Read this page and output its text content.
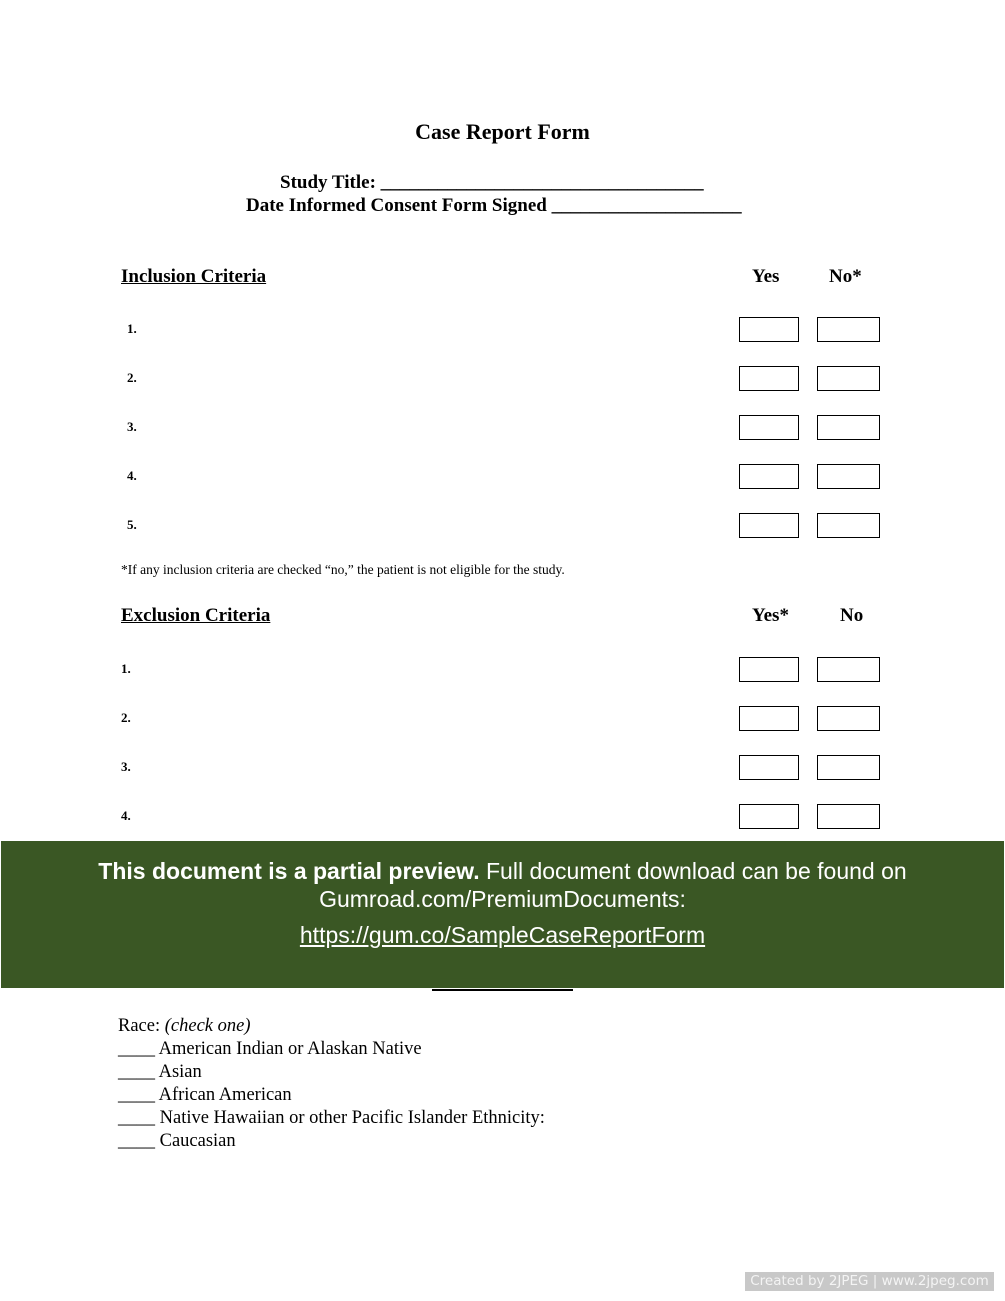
Case Report Form
Study Title: __________________________________
Date Informed Consent Form Signed ____________________
Inclusion Criteria	Yes	No*
1.
2.
3.
4.
5.
*If any inclusion criteria are checked “no,” the patient is not eligible for the study.
Exclusion Criteria	Yes*	No
1.
2.
3.
4.
Race: (check one)
____ American Indian or Alaskan Native
____ Asian
____ African American
____ Native Hawaiian or other Pacific Islander Ethnicity:
____ Caucasian
This document is a partial preview. Full document download can be found on
Gumroad.com/PremiumDocuments:
https://gum.co/SampleCaseReportForm
Created by 2JPEG | www.2jpeg.com
